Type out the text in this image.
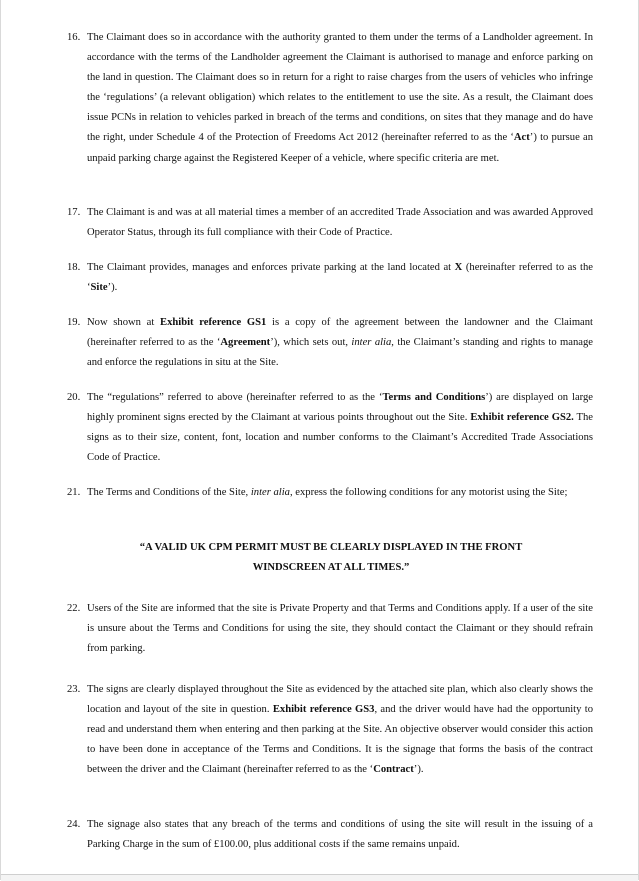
16. The Claimant does so in accordance with the authority granted to them under the terms of a Landholder agreement. In accordance with the terms of the Landholder agreement the Claimant is authorised to manage and enforce parking on the land in question. The Claimant does so in return for a right to raise charges from the users of vehicles who infringe the ‘regulations’ (a relevant obligation) which relates to the entitlement to use the site. As a result, the Claimant does issue PCNs in relation to vehicles parked in breach of the terms and conditions, on sites that they manage and do have the right, under Schedule 4 of the Protection of Freedoms Act 2012 (hereinafter referred to as the ‘Act’) to pursue an unpaid parking charge against the Registered Keeper of a vehicle, where specific criteria are met.

17. The Claimant is and was at all material times a member of an accredited Trade Association and was awarded Approved Operator Status, through its full compliance with their Code of Practice.

18. The Claimant provides, manages and enforces private parking at the land located at X (hereinafter referred to as the ‘Site’).

19. Now shown at Exhibit reference GS1 is a copy of the agreement between the landowner and the Claimant (hereinafter referred to as the ‘Agreement’), which sets out, inter alia, the Claimant’s standing and rights to manage and enforce the regulations in situ at the Site.

20. The “regulations” referred to above (hereinafter referred to as the ‘Terms and Conditions’) are displayed on large highly prominent signs erected by the Claimant at various points throughout out the Site. Exhibit reference GS2. The signs as to their size, content, font, location and number conforms to the Claimant’s Accredited Trade Associations Code of Practice.

21. The Terms and Conditions of the Site, inter alia, express the following conditions for any motorist using the Site;

“A VALID UK CPM PERMIT MUST BE CLEARLY DISPLAYED IN THE FRONT
WINDSCREEN AT ALL TIMES.”
22. Users of the Site are informed that the site is Private Property and that Terms and Conditions apply. If a user of the site is unsure about the Terms and Conditions for using the site, they should contact the Claimant or they should refrain from parking.

23. The signs are clearly displayed throughout the Site as evidenced by the attached site plan, which also clearly shows the location and layout of the site in question. Exhibit reference GS3, and the driver would have had the opportunity to read and understand them when entering and then parking at the Site. An objective observer would consider this action to have been done in acceptance of the Terms and Conditions. It is the signage that forms the basis of the contract between the driver and the Claimant (hereinafter referred to as the ‘Contract’).

24. The signage also states that any breach of the terms and conditions of using the site will result in the issuing of a Parking Charge in the sum of £100.00, plus additional costs if the same remains unpaid.
